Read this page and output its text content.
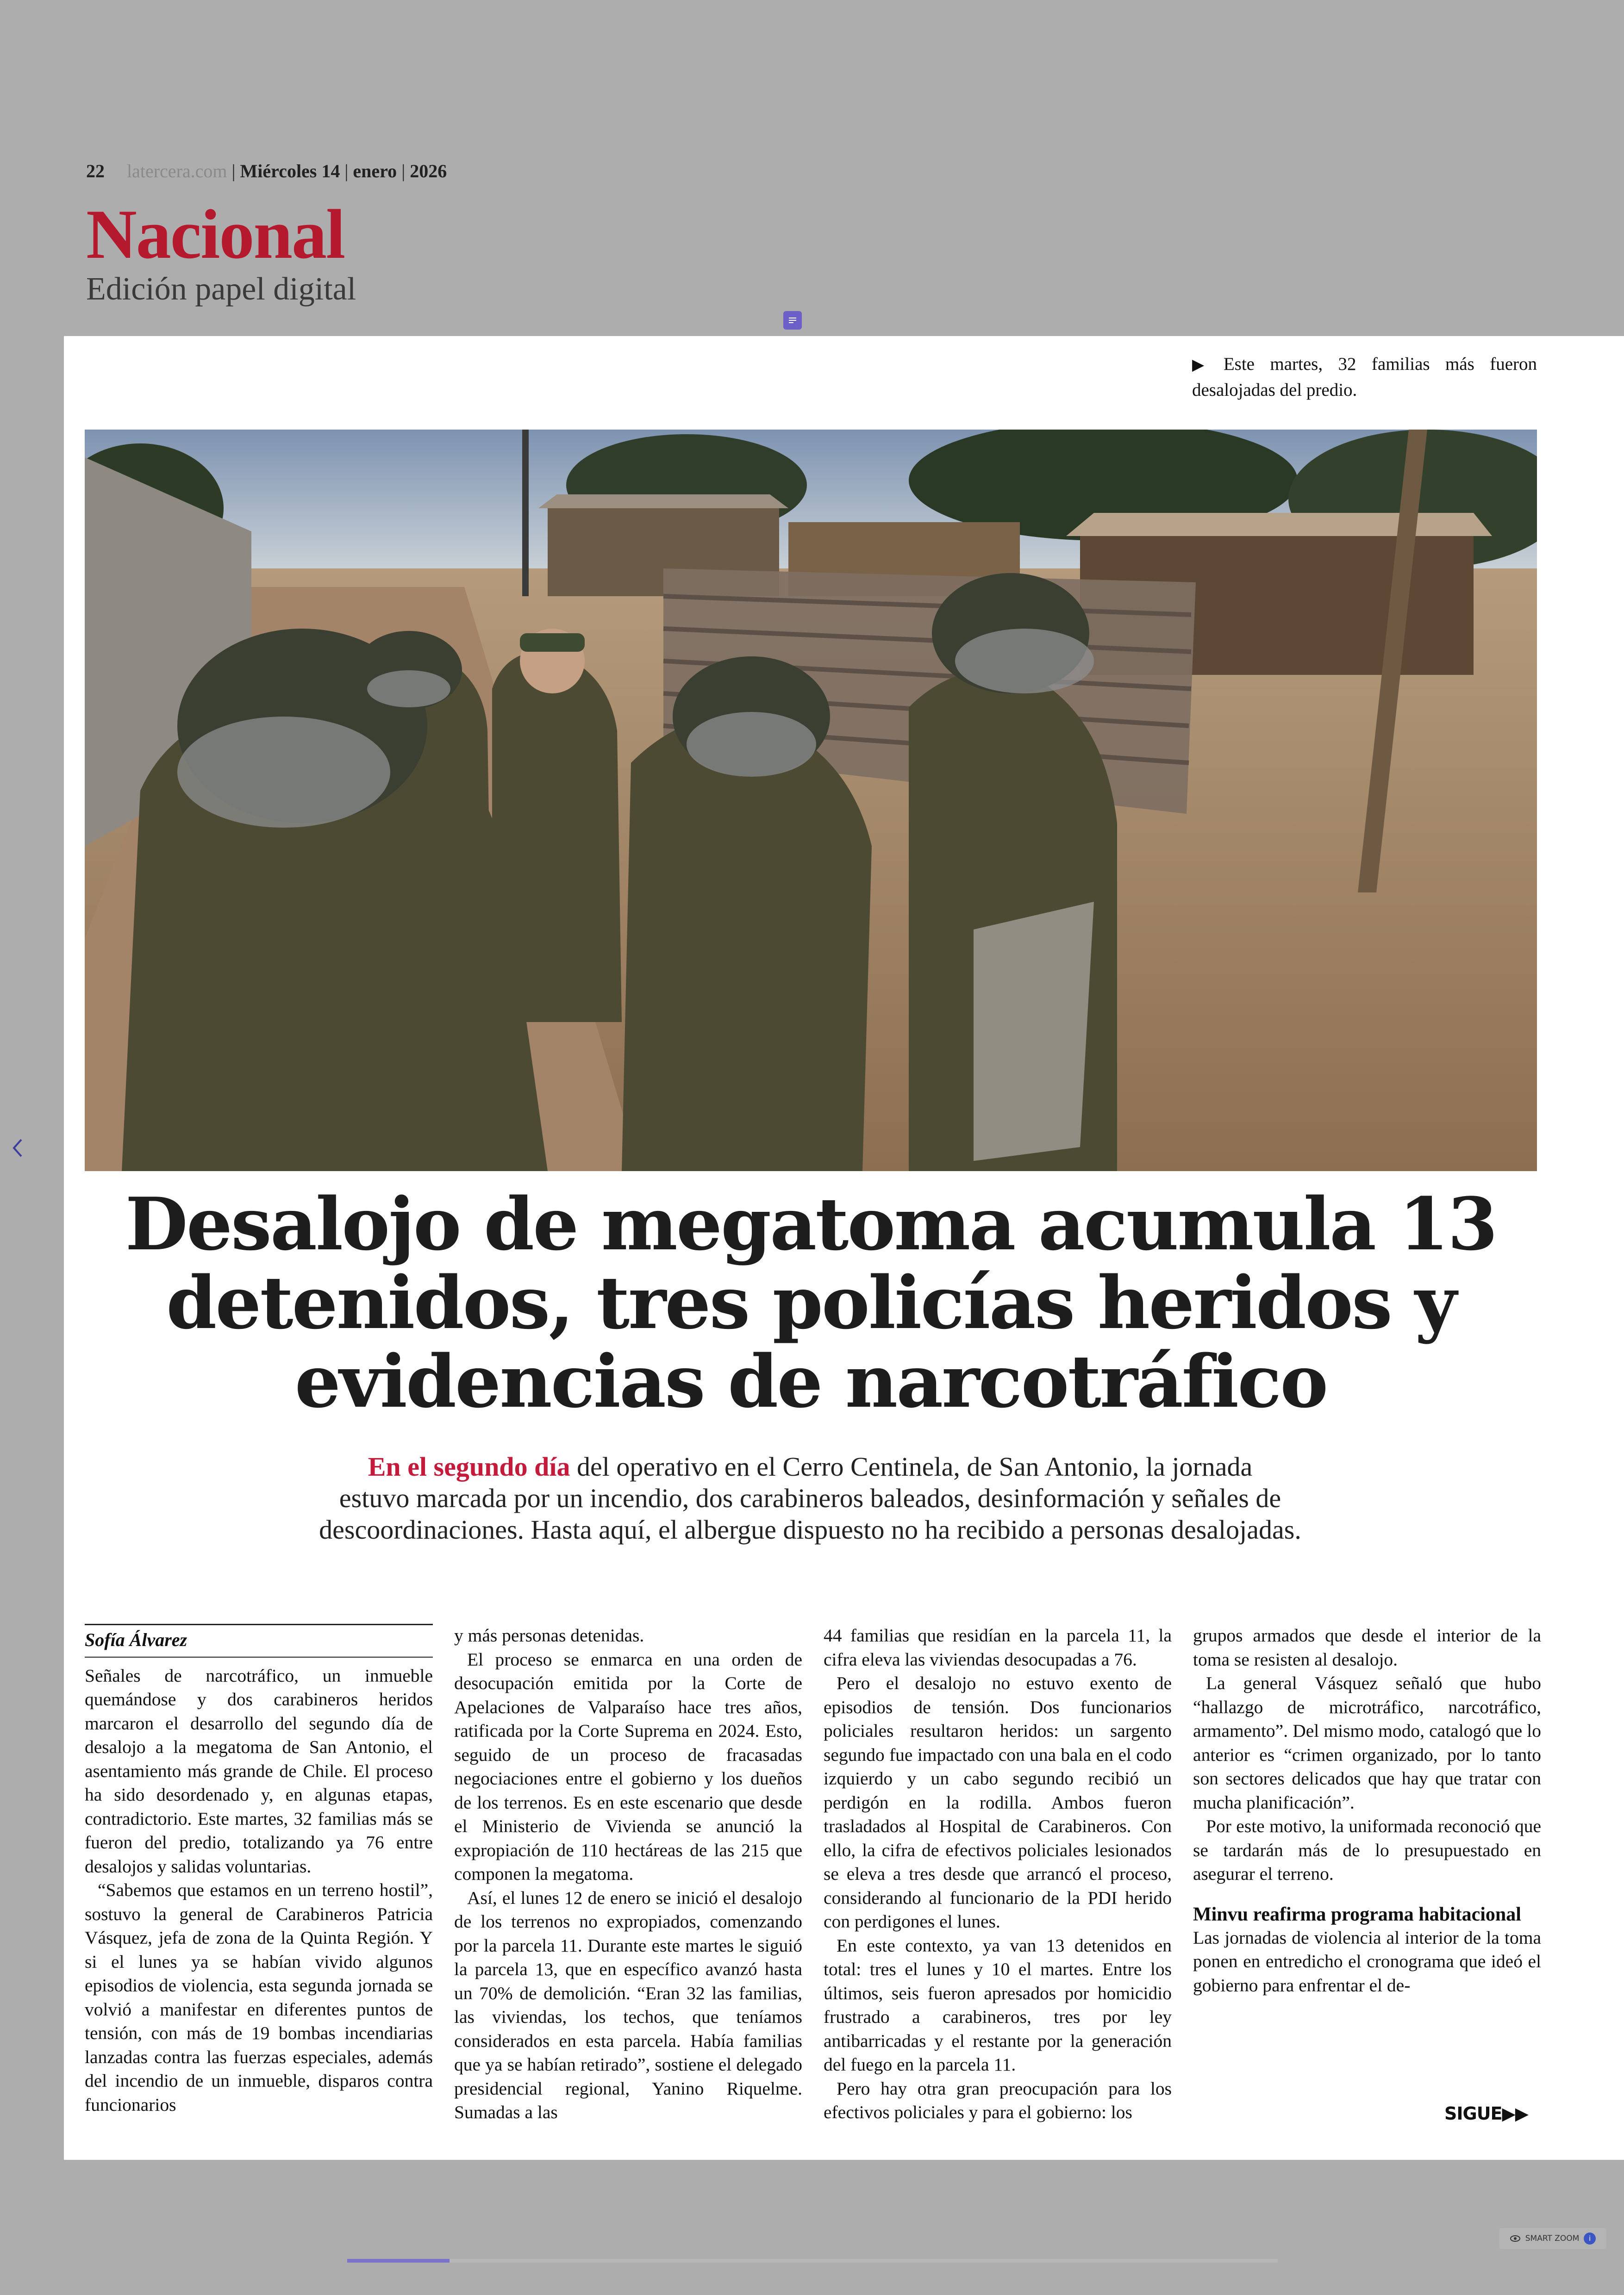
22 latercera.com | Miércoles 14 | enero | 2026
Nacional
Edición papel digital
▶ Este martes, 32 familias más fueron desalojadas del predio.
Desalojo de megatoma acumula 13
detenidos, tres policías heridos y
evidencias de narcotráfico
En el segundo día del operativo en el Cerro Centinela, de San Antonio, la jornada
estuvo marcada por un incendio, dos carabineros baleados, desinformación y señales de
descoordinaciones. Hasta aquí, el albergue dispuesto no ha recibido a personas desalojadas.
Sofía Álvarez

Señales de narcotráfico, un inmueble quemándose y dos carabineros heridos marcaron el desarrollo del segundo día de desalojo a la megatoma de San Antonio, el asentamiento más grande de Chile. El proceso ha sido desordenado y, en algunas etapas, contradictorio. Este martes, 32 familias más se fueron del predio, totalizando ya 76 entre desalojos y salidas voluntarias.

“Sabemos que estamos en un terreno hostil”, sostuvo la general de Carabineros Patricia Vásquez, jefa de zona de la Quinta Región. Y si el lunes ya se habían vivido algunos episodios de violencia, esta segunda jornada se volvió a manifestar en diferentes puntos de tensión, con más de 19 bombas incendiarias lanzadas contra las fuerzas especiales, además del incendio de un inmueble, disparos contra funcionarios

y más personas detenidas.

El proceso se enmarca en una orden de desocupación emitida por la Corte de Apelaciones de Valparaíso hace tres años, ratificada por la Corte Suprema en 2024. Esto, seguido de un proceso de fracasadas negociaciones entre el gobierno y los dueños de los terrenos. Es en este escenario que desde el Ministerio de Vivienda se anunció la expropiación de 110 hectáreas de las 215 que componen la megatoma.

Así, el lunes 12 de enero se inició el desalojo de los terrenos no expropiados, comenzando por la parcela 11. Durante este martes le siguió la parcela 13, que en específico avanzó hasta un 70% de demolición. “Eran 32 las familias, las viviendas, los techos, que teníamos considerados en esta parcela. Había familias que ya se habían retirado”, sostiene el delegado presidencial regional, Yanino Riquelme. Sumadas a las

44 familias que residían en la parcela 11, la cifra eleva las viviendas desocupadas a 76.

Pero el desalojo no estuvo exento de episodios de tensión. Dos funcionarios policiales resultaron heridos: un sargento segundo fue impactado con una bala en el codo izquierdo y un cabo segundo recibió un perdigón en la rodilla. Ambos fueron trasladados al Hospital de Carabineros. Con ello, la cifra de efectivos policiales lesionados se eleva a tres desde que arrancó el proceso, considerando al funcionario de la PDI herido con perdigones el lunes.

En este contexto, ya van 13 detenidos en total: tres el lunes y 10 el martes. Entre los últimos, seis fueron apresados por homicidio frustrado a carabineros, tres por ley antibarricadas y el restante por la generación del fuego en la parcela 11.

Pero hay otra gran preocupación para los efectivos policiales y para el gobierno: los

grupos armados que desde el interior de la toma se resisten al desalojo.

La general Vásquez señaló que hubo “hallazgo de microtráfico, narcotráfico, armamento”. Del mismo modo, catalogó que lo anterior es “crimen organizado, por lo tanto son sectores delicados que hay que tratar con mucha planificación”.

Por este motivo, la uniformada reconoció que se tardarán más de lo presupuestado en asegurar el terreno.

Minvu reafirma programa habitacional

Las jornadas de violencia al interior de la toma ponen en entredicho el cronograma que ideó el gobierno para enfrentar el de-

SIGUE▶▶
SMART ZOOM	i
